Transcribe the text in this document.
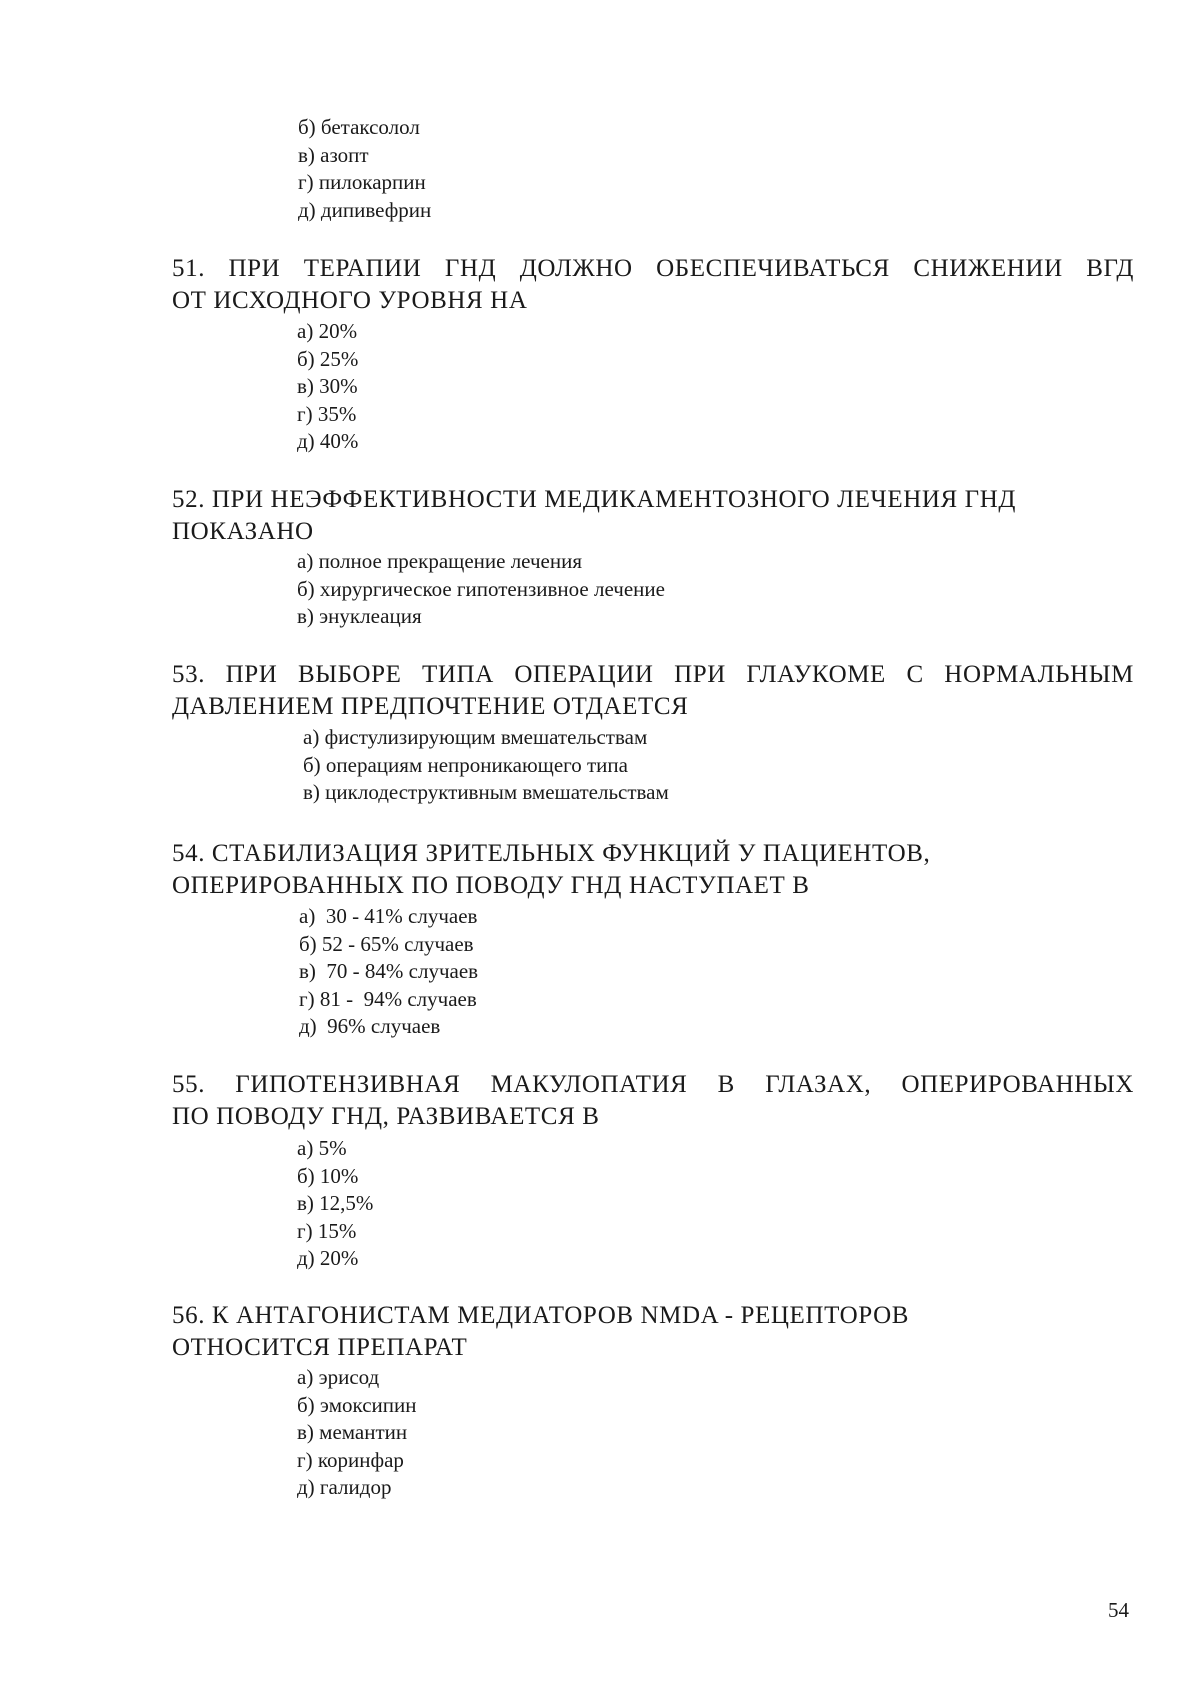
б) бетаксолол
в) азопт
г) пилокарпин
д) дипивефрин
51. ПРИ ТЕРАПИИ ГНД ДОЛЖНО ОБЕСПЕЧИВАТЬСЯ СНИЖЕНИИ ВГД
ОТ ИСХОДНОГО УРОВНЯ НА
а) 20%
б) 25%
в) 30%
г) 35%
д) 40%
52. ПРИ НЕЭФФЕКТИВНОСТИ МЕДИКАМЕНТОЗНОГО ЛЕЧЕНИЯ ГНД
ПОКАЗАНО
а) полное прекращение лечения
б) хирургическое гипотензивное лечение
в) энуклеация
53. ПРИ ВЫБОРЕ ТИПА ОПЕРАЦИИ ПРИ ГЛАУКОМЕ С НОРМАЛЬНЫМ
ДАВЛЕНИЕМ ПРЕДПОЧТЕНИЕ ОТДАЕТСЯ
а) фистулизирующим вмешательствам
б) операциям непроникающего типа
в) циклодеструктивным вмешательствам
54. СТАБИЛИЗАЦИЯ ЗРИТЕЛЬНЫХ ФУНКЦИЙ У ПАЦИЕНТОВ,
ОПЕРИРОВАННЫХ ПО ПОВОДУ ГНД НАСТУПАЕТ В
а)  30 - 41% случаев
б) 52 - 65% случаев
в)  70 - 84% случаев
г) 81 -  94% случаев
д)  96% случаев
55. ГИПОТЕНЗИВНАЯ МАКУЛОПАТИЯ В ГЛАЗАХ, ОПЕРИРОВАННЫХ
ПО ПОВОДУ ГНД, РАЗВИВАЕТСЯ В
а) 5%
б) 10%
в) 12,5%
г) 15%
д) 20%
56. К АНТАГОНИСТАМ МЕДИАТОРОВ NMDA - РЕЦЕПТОРОВ
ОТНОСИТСЯ ПРЕПАРАТ
а) эрисод
б) эмоксипин
в) мемантин
г) коринфар
д) галидор
54
